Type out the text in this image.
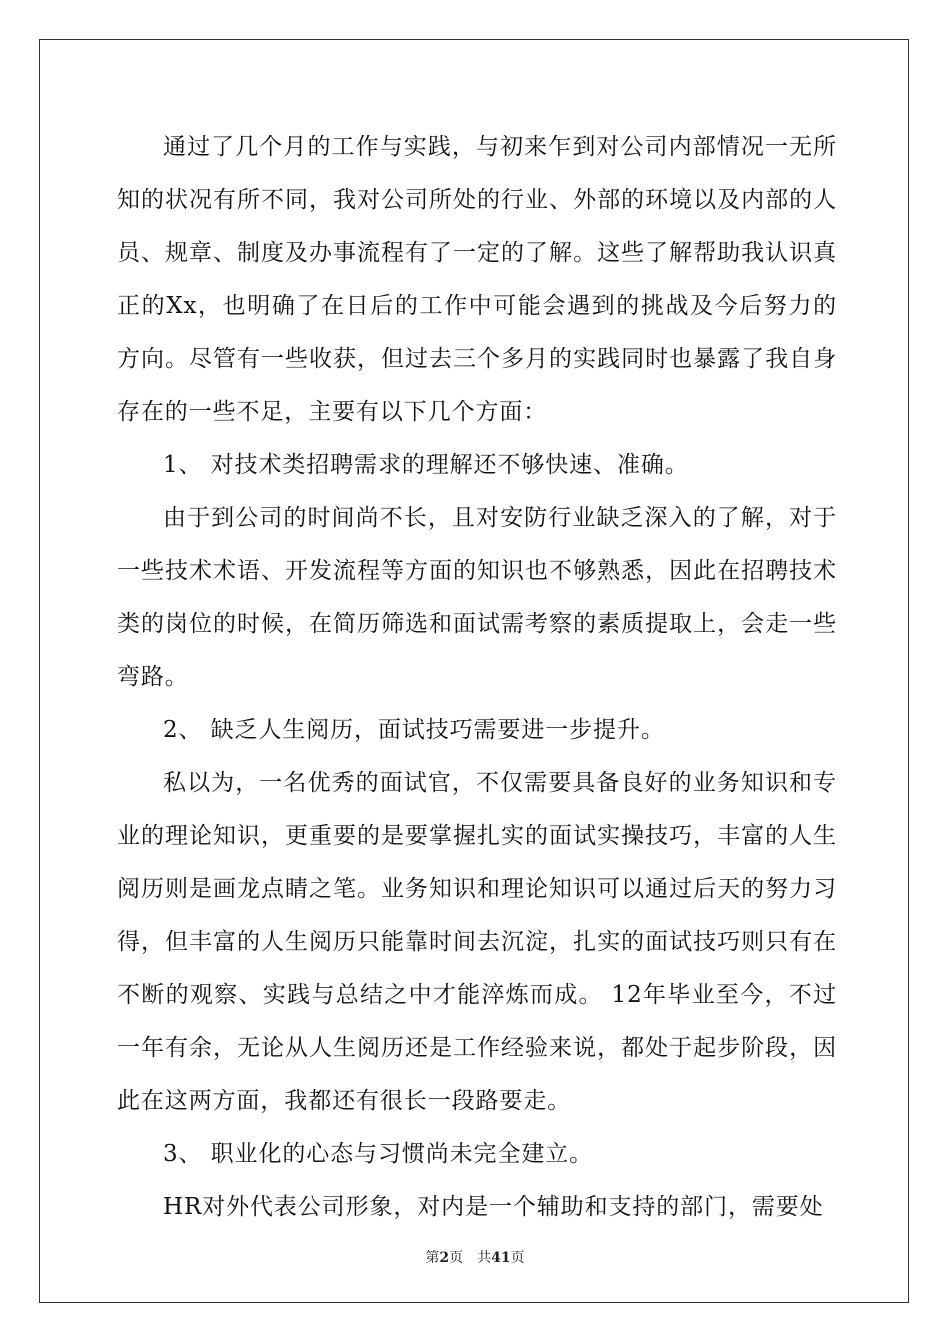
通过了几个月的工作与实践，与初来乍到对公司内部情况一无所知的状况有所不同，我对公司所处的行业、外部的环境以及内部的人员、规章、制度及办事流程有了一定的了解。这些了解帮助我认识真正的Xx，也明确了在日后的工作中可能会遇到的挑战及今后努力的方向。尽管有一些收获，但过去三个多月的实践同时也暴露了我自身存在的一些不足，主要有以下几个方面：

1、 对技术类招聘需求的理解还不够快速、准确。

由于到公司的时间尚不长，且对安防行业缺乏深入的了解，对于一些技术术语、开发流程等方面的知识也不够熟悉，因此在招聘技术类的岗位的时候，在简历筛选和面试需考察的素质提取上，会走一些弯路。

2、 缺乏人生阅历，面试技巧需要进一步提升。

私以为，一名优秀的面试官，不仅需要具备良好的业务知识和专业的理论知识，更重要的是要掌握扎实的面试实操技巧，丰富的人生阅历则是画龙点睛之笔。业务知识和理论知识可以通过后天的努力习得，但丰富的人生阅历只能靠时间去沉淀，扎实的面试技巧则只有在不断的观察、实践与总结之中才能淬炼而成。 12年毕业至今，不过一年有余，无论从人生阅历还是工作经验来说，都处于起步阶段，因此在这两方面，我都还有很长一段路要走。

3、 职业化的心态与习惯尚未完全建立。

HR对外代表公司形象，对内是一个辅助和支持的部门，需要处

第2页 共41页
